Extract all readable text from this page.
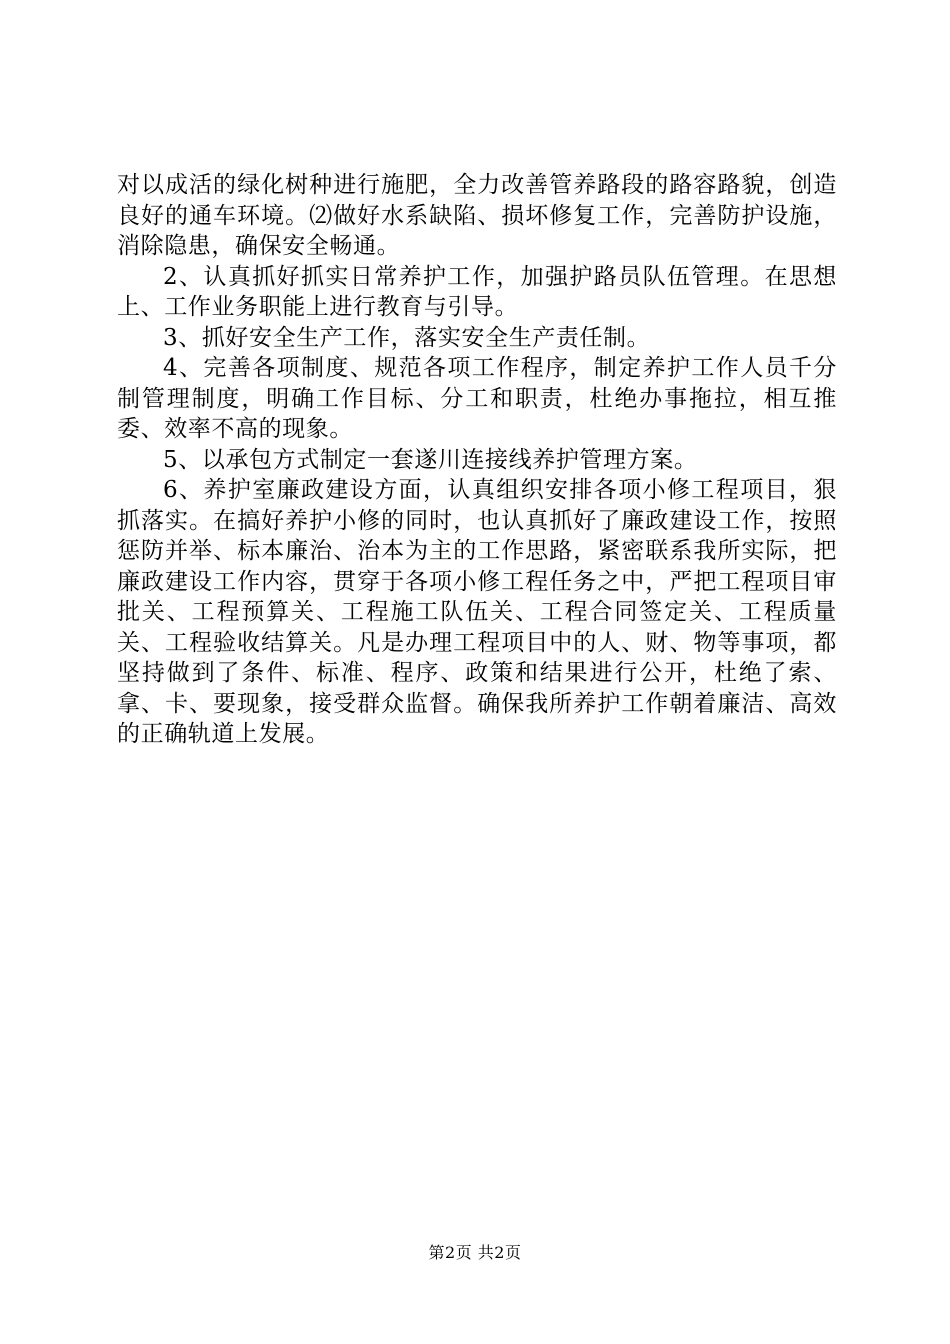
对以成活的绿化树种进行施肥，全力改善管养路段的路容路貌，创造良好的通车环境。⑵做好水系缺陷、损坏修复工作，完善防护设施，消除隐患，确保安全畅通。

2、认真抓好抓实日常养护工作，加强护路员队伍管理。在思想上、工作业务职能上进行教育与引导。

3、抓好安全生产工作，落实安全生产责任制。

4、完善各项制度、规范各项工作程序，制定养护工作人员千分制管理制度，明确工作目标、分工和职责，杜绝办事拖拉，相互推委、效率不高的现象。

5、以承包方式制定一套遂川连接线养护管理方案。

6、养护室廉政建设方面，认真组织安排各项小修工程项目，狠抓落实。在搞好养护小修的同时，也认真抓好了廉政建设工作，按照惩防并举、标本廉治、治本为主的工作思路，紧密联系我所实际，把廉政建设工作内容，贯穿于各项小修工程任务之中，严把工程项目审批关、工程预算关、工程施工队伍关、工程合同签定关、工程质量关、工程验收结算关。凡是办理工程项目中的人、财、物等事项，都坚持做到了条件、标准、程序、政策和结果进行公开，杜绝了索、拿、卡、要现象，接受群众监督。确保我所养护工作朝着廉洁、高效的正确轨道上发展。

第2页 共2页
